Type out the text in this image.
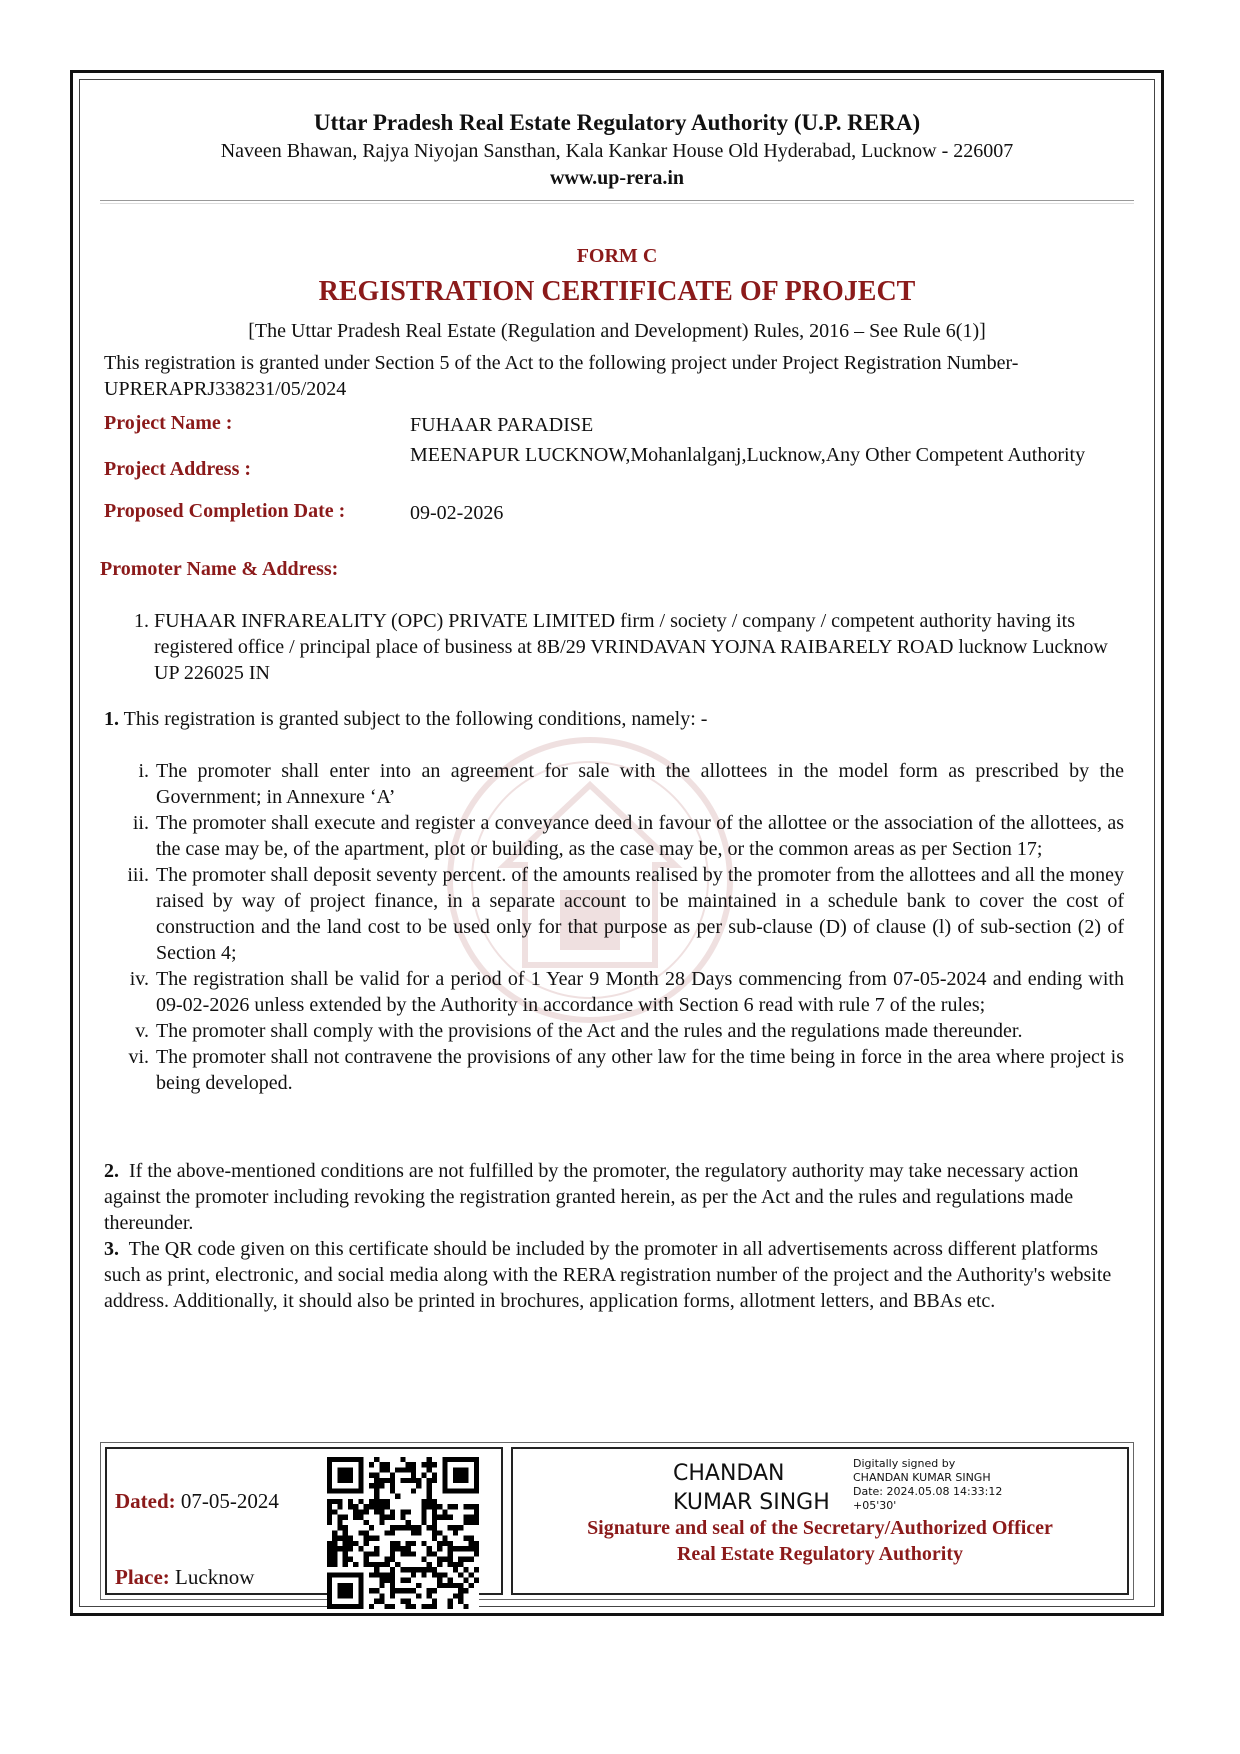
Uttar Pradesh Real Estate Regulatory Authority (U.P. RERA)
Naveen Bhawan, Rajya Niyojan Sansthan, Kala Kankar House Old Hyderabad, Lucknow - 226007
www.up-rera.in
FORM C
REGISTRATION CERTIFICATE OF PROJECT
[The Uttar Pradesh Real Estate (Regulation and Development) Rules, 2016 – See Rule 6(1)]
This registration is granted under Section 5 of the Act to the following project under Project Registration Number- UPRERAPRJ338231/05/2024
Project Name :	FUHAAR PARADISE
Project Address :
MEENAPUR LUCKNOW,Mohanlalganj,Lucknow,Any Other Competent Authority
Proposed Completion Date :	09-02-2026
Promoter Name & Address:
1. FUHAAR INFRAREALITY (OPC) PRIVATE LIMITED firm / society / company / competent authority having its registered office / principal place of business at 8B/29 VRINDAVAN YOJNA RAIBARELY ROAD lucknow Lucknow UP 226025 IN
1. This registration is granted subject to the following conditions, namely: -
i. The promoter shall enter into an agreement for sale with the allottees in the model form as prescribed by the Government; in Annexure ‘A’
ii. The promoter shall execute and register a conveyance deed in favour of the allottee or the association of the allottees, as the case may be, of the apartment, plot or building, as the case may be, or the common areas as per Section 17;
iii. The promoter shall deposit seventy percent. of the amounts realised by the promoter from the allottees and all the money raised by way of project finance, in a separate account to be maintained in a schedule bank to cover the cost of construction and the land cost to be used only for that purpose as per sub-clause (D) of clause (l) of sub-section (2) of Section 4;
iv. The registration shall be valid for a period of 1 Year 9 Month 28 Days commencing from 07-05-2024 and ending with 09-02-2026 unless extended by the Authority in accordance with Section 6 read with rule 7 of the rules;
v. The promoter shall comply with the provisions of the Act and the rules and the regulations made thereunder.
vi. The promoter shall not contravene the provisions of any other law for the time being in force in the area where project is being developed.
2. If the above-mentioned conditions are not fulfilled by the promoter, the regulatory authority may take necessary action against the promoter including revoking the registration granted herein, as per the Act and the rules and regulations made thereunder.
3. The QR code given on this certificate should be included by the promoter in all advertisements across different platforms such as print, electronic, and social media along with the RERA registration number of the project and the Authority's website address. Additionally, it should also be printed in brochures, application forms, allotment letters, and BBAs etc.
Dated: 07-05-2024
Place: Lucknow
CHANDAN
KUMAR SINGH
Digitally signed by
CHANDAN KUMAR SINGH
Date: 2024.05.08 14:33:12
+05'30'
Signature and seal of the Secretary/Authorized Officer
Real Estate Regulatory Authority
